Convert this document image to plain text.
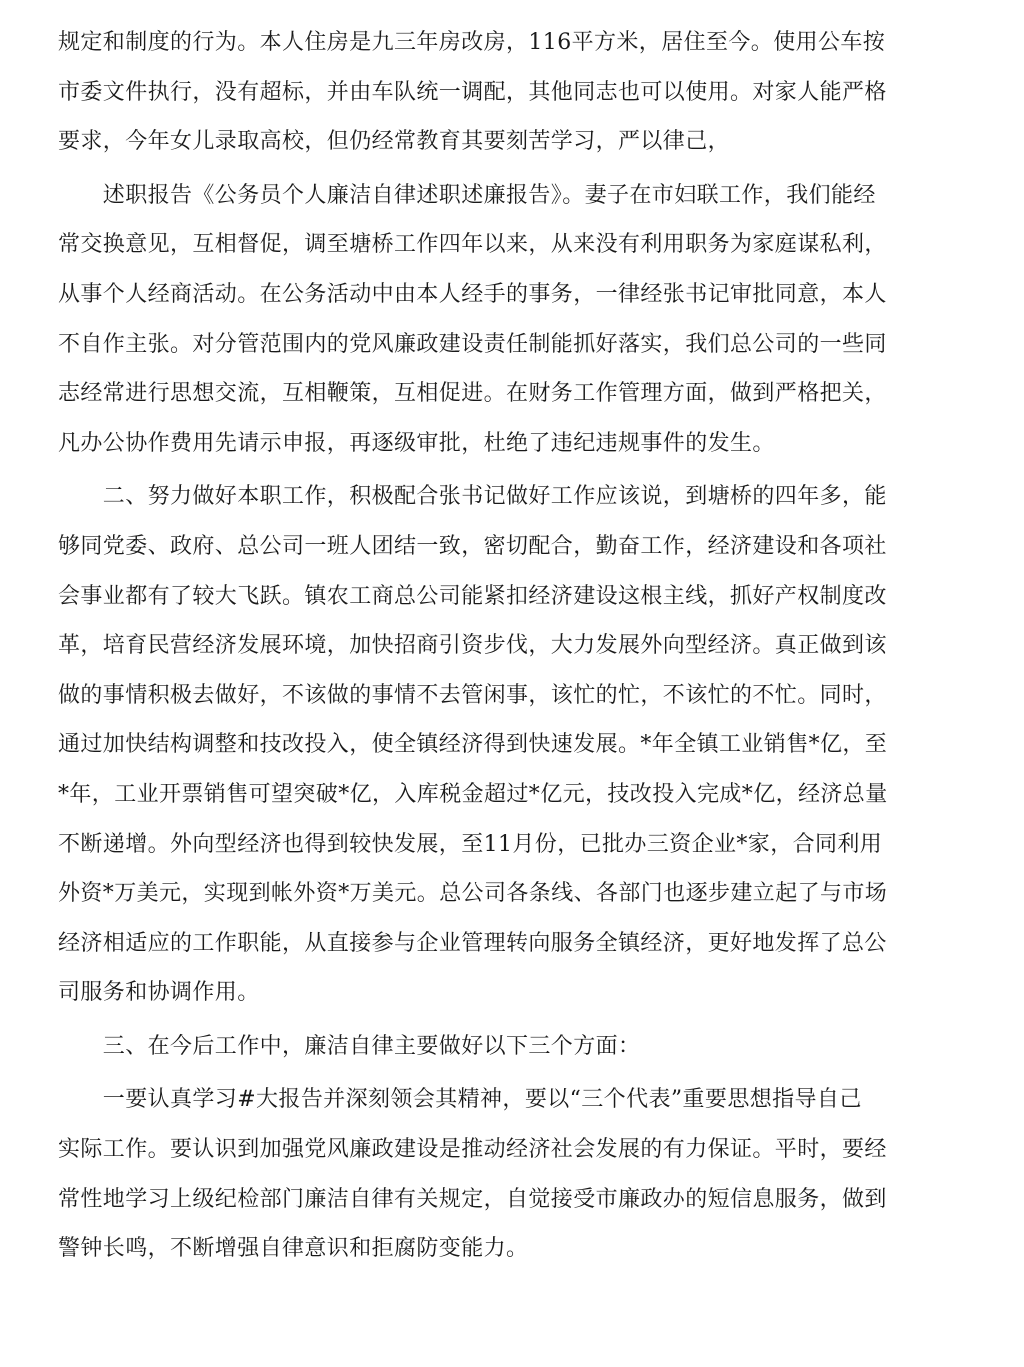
规定和制度的行为。本人住房是九三年房改房，116平方米，居住至今。使用公车按
市委文件执行，没有超标，并由车队统一调配，其他同志也可以使用。对家人能严格
要求，今年女儿录取高校，但仍经常教育其要刻苦学习，严以律己，

　　述职报告《公务员个人廉洁自律述职述廉报告》。妻子在市妇联工作，我们能经
常交换意见，互相督促，调至塘桥工作四年以来，从来没有利用职务为家庭谋私利，
从事个人经商活动。在公务活动中由本人经手的事务，一律经张书记审批同意，本人
不自作主张。对分管范围内的党风廉政建设责任制能抓好落实，我们总公司的一些同
志经常进行思想交流，互相鞭策，互相促进。在财务工作管理方面，做到严格把关，
凡办公协作费用先请示申报，再逐级审批，杜绝了违纪违规事件的发生。

　　二、努力做好本职工作，积极配合张书记做好工作应该说，到塘桥的四年多，能
够同党委、政府、总公司一班人团结一致，密切配合，勤奋工作，经济建设和各项社
会事业都有了较大飞跃。镇农工商总公司能紧扣经济建设这根主线，抓好产权制度改
革，培育民营经济发展环境，加快招商引资步伐，大力发展外向型经济。真正做到该
做的事情积极去做好，不该做的事情不去管闲事，该忙的忙，不该忙的不忙。同时，
通过加快结构调整和技改投入，使全镇经济得到快速发展。*年全镇工业销售*亿，至
*年，工业开票销售可望突破*亿，入库税金超过*亿元，技改投入完成*亿，经济总量
不断递增。外向型经济也得到较快发展，至11月份，已批办三资企业*家，合同利用
外资*万美元，实现到帐外资*万美元。总公司各条线、各部门也逐步建立起了与市场
经济相适应的工作职能，从直接参与企业管理转向服务全镇经济，更好地发挥了总公
司服务和协调作用。

　　三、在今后工作中，廉洁自律主要做好以下三个方面：

　　一要认真学习#大报告并深刻领会其精神，要以“三个代表”重要思想指导自己
实际工作。要认识到加强党风廉政建设是推动经济社会发展的有力保证。平时，要经
常性地学习上级纪检部门廉洁自律有关规定，自觉接受市廉政办的短信息服务，做到
警钟长鸣，不断增强自律意识和拒腐防变能力。
